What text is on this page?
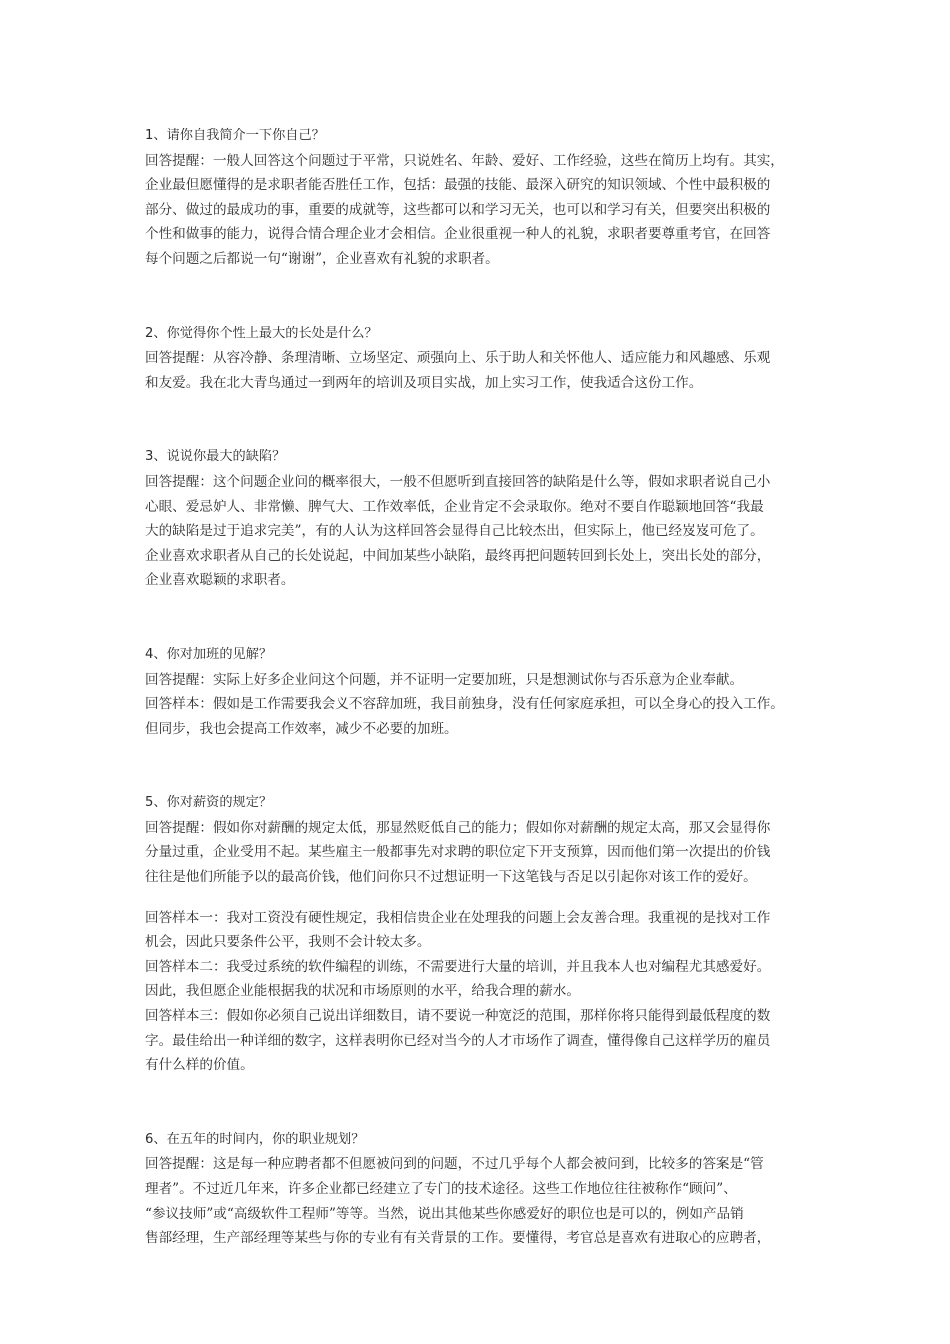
1、请你自我简介一下你自己？

回答提醒：一般人回答这个问题过于平常，只说姓名、年龄、爱好、工作经验，这些在简历上均有。其实，

企业最但愿懂得的是求职者能否胜任工作，包括：最强的技能、最深入研究的知识领域、个性中最积极的

部分、做过的最成功的事，重要的成就等，这些都可以和学习无关，也可以和学习有关，但要突出积极的

个性和做事的能力，说得合情合理企业才会相信。企业很重视一种人的礼貌，求职者要尊重考官，在回答

每个问题之后都说一句“谢谢”，企业喜欢有礼貌的求职者。

2、你觉得你个性上最大的长处是什么？

回答提醒：从容冷静、条理清晰、立场坚定、顽强向上、乐于助人和关怀他人、适应能力和风趣感、乐观

和友爱。我在北大青鸟通过一到两年的培训及项目实战，加上实习工作，使我适合这份工作。

3、说说你最大的缺陷？

回答提醒：这个问题企业问的概率很大，一般不但愿听到直接回答的缺陷是什么等，假如求职者说自己小

心眼、爱忌妒人、非常懒、脾气大、工作效率低，企业肯定不会录取你。绝对不要自作聪颖地回答“我最

大的缺陷是过于追求完美”，有的人认为这样回答会显得自己比较杰出，但实际上，他已经岌岌可危了。

企业喜欢求职者从自己的长处说起，中间加某些小缺陷，最终再把问题转回到长处上，突出长处的部分，

企业喜欢聪颖的求职者。

4、你对加班的见解？

回答提醒：实际上好多企业问这个问题，并不证明一定要加班，只是想测试你与否乐意为企业奉献。

回答样本：假如是工作需要我会义不容辞加班，我目前独身，没有任何家庭承担，可以全身心的投入工作。

但同步，我也会提高工作效率，减少不必要的加班。

5、你对薪资的规定？

回答提醒：假如你对薪酬的规定太低，那显然贬低自己的能力；假如你对薪酬的规定太高，那又会显得你

分量过重，企业受用不起。某些雇主一般都事先对求聘的职位定下开支预算，因而他们第一次提出的价钱

往往是他们所能予以的最高价钱，他们问你只不过想证明一下这笔钱与否足以引起你对该工作的爱好。

回答样本一：我对工资没有硬性规定，我相信贵企业在处理我的问题上会友善合理。我重视的是找对工作

机会，因此只要条件公平，我则不会计较太多。

回答样本二：我受过系统的软件编程的训练，不需要进行大量的培训，并且我本人也对编程尤其感爱好。

因此，我但愿企业能根据我的状况和市场原则的水平，给我合理的薪水。

回答样本三：假如你必须自己说出详细数目，请不要说一种宽泛的范围，那样你将只能得到最低程度的数

字。最佳给出一种详细的数字，这样表明你已经对当今的人才市场作了调查，懂得像自己这样学历的雇员

有什么样的价值。

6、在五年的时间内，你的职业规划？

回答提醒：这是每一种应聘者都不但愿被问到的问题，不过几乎每个人都会被问到，比较多的答案是“管

理者”。不过近几年来，许多企业都已经建立了专门的技术途径。这些工作地位往往被称作“顾问”、

“参议技师”或“高级软件工程师”等等。当然，说出其他某些你感爱好的职位也是可以的，例如产品销

售部经理，生产部经理等某些与你的专业有有关背景的工作。要懂得，考官总是喜欢有进取心的应聘者，
